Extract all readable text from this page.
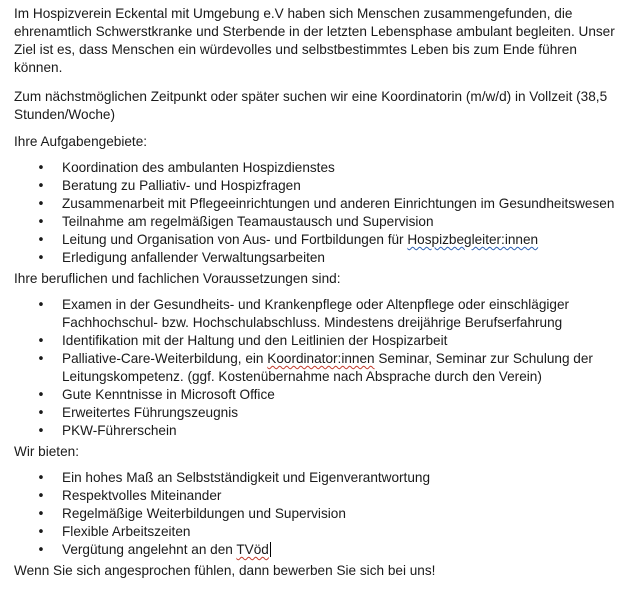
Im Hospizverein Eckental mit Umgebung e.V haben sich Menschen zusammengefunden, die ehrenamtlich Schwerstkranke und Sterbende in der letzten Lebensphase ambulant begleiten. Unser Ziel ist es, dass Menschen ein würdevolles und selbstbestimmtes Leben bis zum Ende führen können.

Zum nächstmöglichen Zeitpunkt oder später suchen wir eine Koordinatorin (m/w/d) in Vollzeit (38,5 Stunden/Woche)

Ihre Aufgabengebiete:

•
Koordination des ambulanten Hospizdienstes
•
Beratung zu Palliativ- und Hospizfragen
•
Zusammenarbeit mit Pflegeeinrichtungen und anderen Einrichtungen im Gesundheitswesen
•
Teilnahme am regelmäßigen Teamaustausch und Supervision
•
Leitung und Organisation von Aus- und Fortbildungen für Hospizbegleiter:innen
•
Erledigung anfallender Verwaltungsarbeiten

Ihre beruflichen und fachlichen Voraussetzungen sind:

•
Examen in der Gesundheits- und Krankenpflege oder Altenpflege oder einschlägiger Fachhochschul- bzw. Hochschulabschluss. Mindestens dreijährige Berufserfahrung
•
Identifikation mit der Haltung und den Leitlinien der Hospizarbeit
•
Palliative-Care-Weiterbildung, ein Koordinator:innen Seminar, Seminar zur Schulung der Leitungskompetenz. (ggf. Kostenübernahme nach Absprache durch den Verein)
•
Gute Kenntnisse in Microsoft Office
•
Erweitertes Führungszeugnis
•
PKW-Führerschein

Wir bieten:

•
Ein hohes Maß an Selbstständigkeit und Eigenverantwortung
•
Respektvolles Miteinander
•
Regelmäßige Weiterbildungen und Supervision
•
Flexible Arbeitszeiten
•
Vergütung angelehnt an den TVöd

Wenn Sie sich angesprochen fühlen, dann bewerben Sie sich bei uns!
